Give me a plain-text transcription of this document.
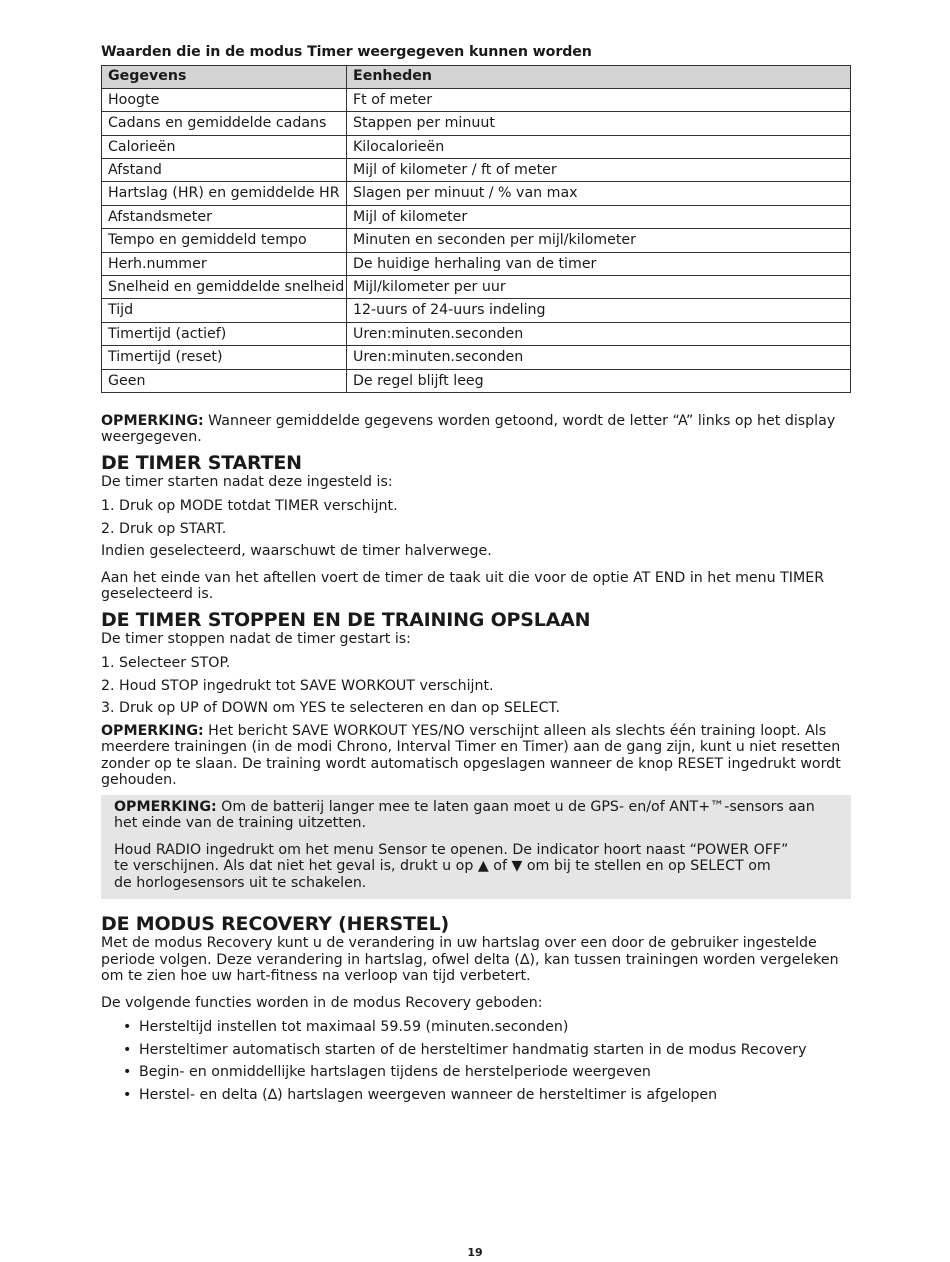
Waarden die in de modus Timer weergegeven kunnen worden

Gegevens	Eenheden
Hoogte	Ft of meter
Cadans en gemiddelde cadans	Stappen per minuut
Calorieën	Kilocalorieën
Afstand	Mijl of kilometer / ft of meter
Hartslag (HR) en gemiddelde HR	Slagen per minuut / % van max
Afstandsmeter	Mijl of kilometer
Tempo en gemiddeld tempo	Minuten en seconden per mijl/kilometer
Herh.nummer	De huidige herhaling van de timer
Snelheid en gemiddelde snelheid	Mijl/kilometer per uur
Tijd	12-uurs of 24-uurs indeling
Timertijd (actief)	Uren:minuten.seconden
Timertijd (reset)	Uren:minuten.seconden
Geen	De regel blijft leeg

OPMERKING: Wanneer gemiddelde gegevens worden getoond, wordt de letter “A” links op het display weergegeven.

DE TIMER STARTEN

De timer starten nadat deze ingesteld is:

1. Druk op MODE totdat TIMER verschijnt.
2. Druk op START.

Indien geselecteerd, waarschuwt de timer halverwege.

Aan het einde van het aftellen voert de timer de taak uit die voor de optie AT END in het menu TIMER geselecteerd is.

DE TIMER STOPPEN EN DE TRAINING OPSLAAN

De timer stoppen nadat de timer gestart is:

1. Selecteer STOP.
2. Houd STOP ingedrukt tot SAVE WORKOUT verschijnt.
3. Druk op UP of DOWN om YES te selecteren en dan op SELECT.

OPMERKING: Het bericht SAVE WORKOUT YES/NO verschijnt alleen als slechts één training loopt. Als meerdere trainingen (in de modi Chrono, Interval Timer en Timer) aan de gang zijn, kunt u niet resetten zonder op te slaan. De training wordt automatisch opgeslagen wanneer de knop RESET ingedrukt wordt gehouden.

OPMERKING: Om de batterij langer mee te laten gaan moet u de GPS- en/of ANT+™-sensors aan het einde van de training uitzetten.

Houd RADIO ingedrukt om het menu Sensor te openen. De indicator hoort naast “POWER OFF”
te verschijnen. Als dat niet het geval is, drukt u op ▲ of ▼ om bij te stellen en op SELECT om
de horlogesensors uit te schakelen.

DE MODUS RECOVERY (HERSTEL)

Met de modus Recovery kunt u de verandering in uw hartslag over een door de gebruiker ingestelde periode volgen. Deze verandering in hartslag, ofwel delta (∆), kan tussen trainingen worden vergeleken om te zien hoe uw hart-fitness na verloop van tijd verbetert.

De volgende functies worden in de modus Recovery geboden:

• Hersteltijd instellen tot maximaal 59.59 (minuten.seconden)
• Hersteltimer automatisch starten of de hersteltimer handmatig starten in de modus Recovery
• Begin- en onmiddellijke hartslagen tijdens de herstelperiode weergeven
• Herstel- en delta (∆) hartslagen weergeven wanneer de hersteltimer is afgelopen
19
